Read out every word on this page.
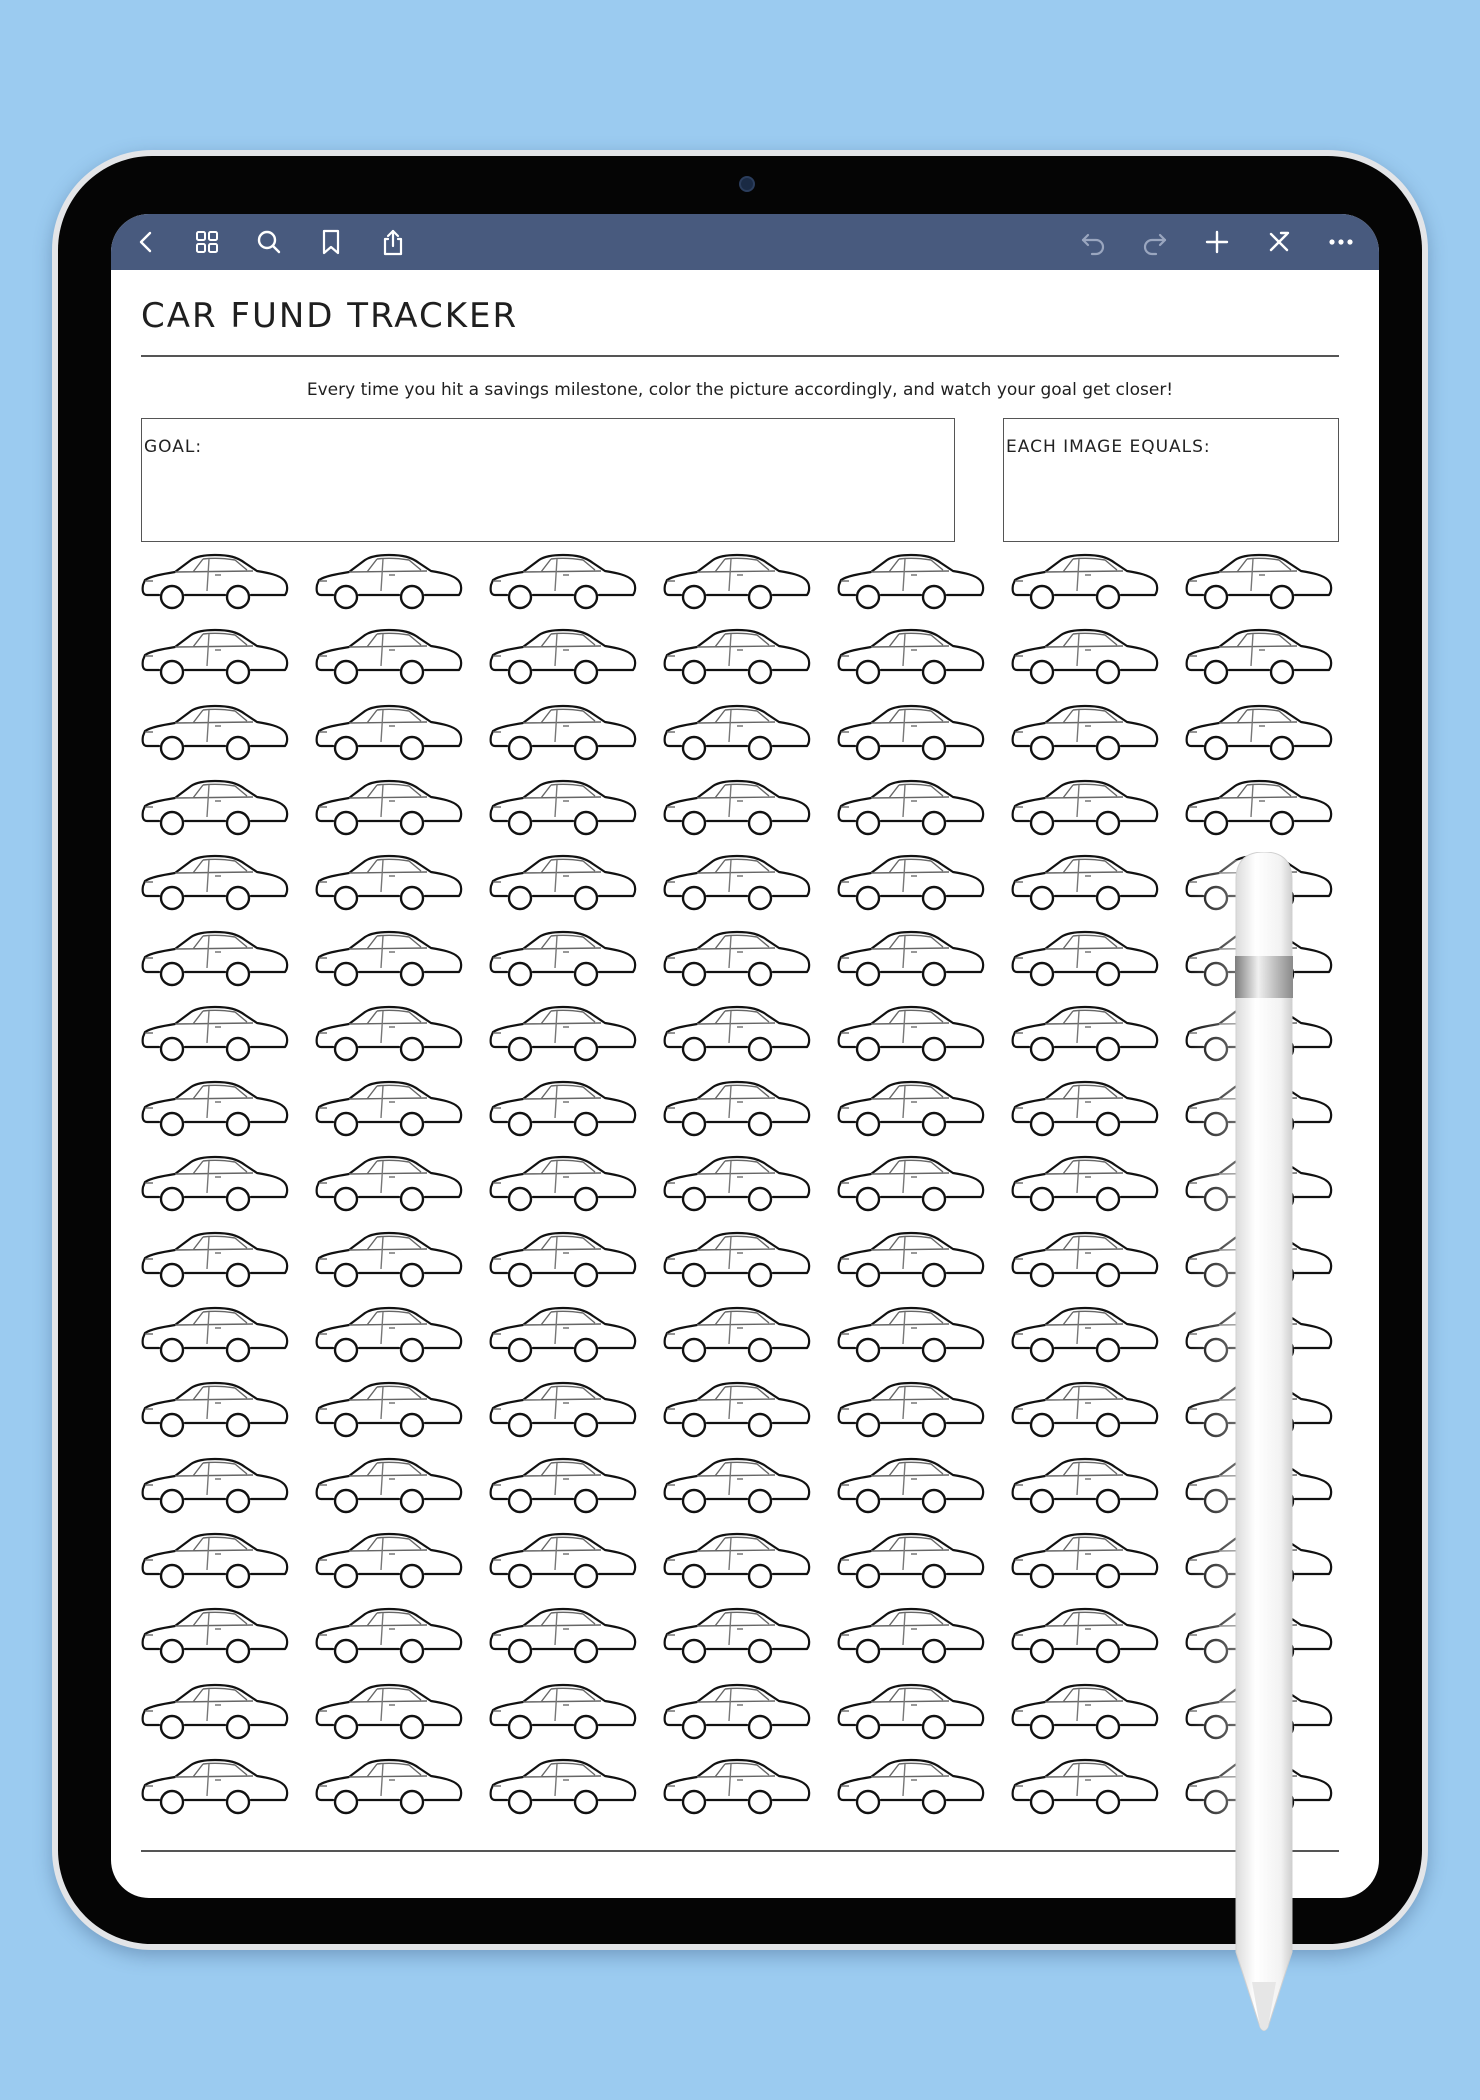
CAR FUND TRACKER
Every time you hit a savings milestone, color the picture accordingly, and watch your goal get closer!
GOAL:	EACH IMAGE EQUALS:
